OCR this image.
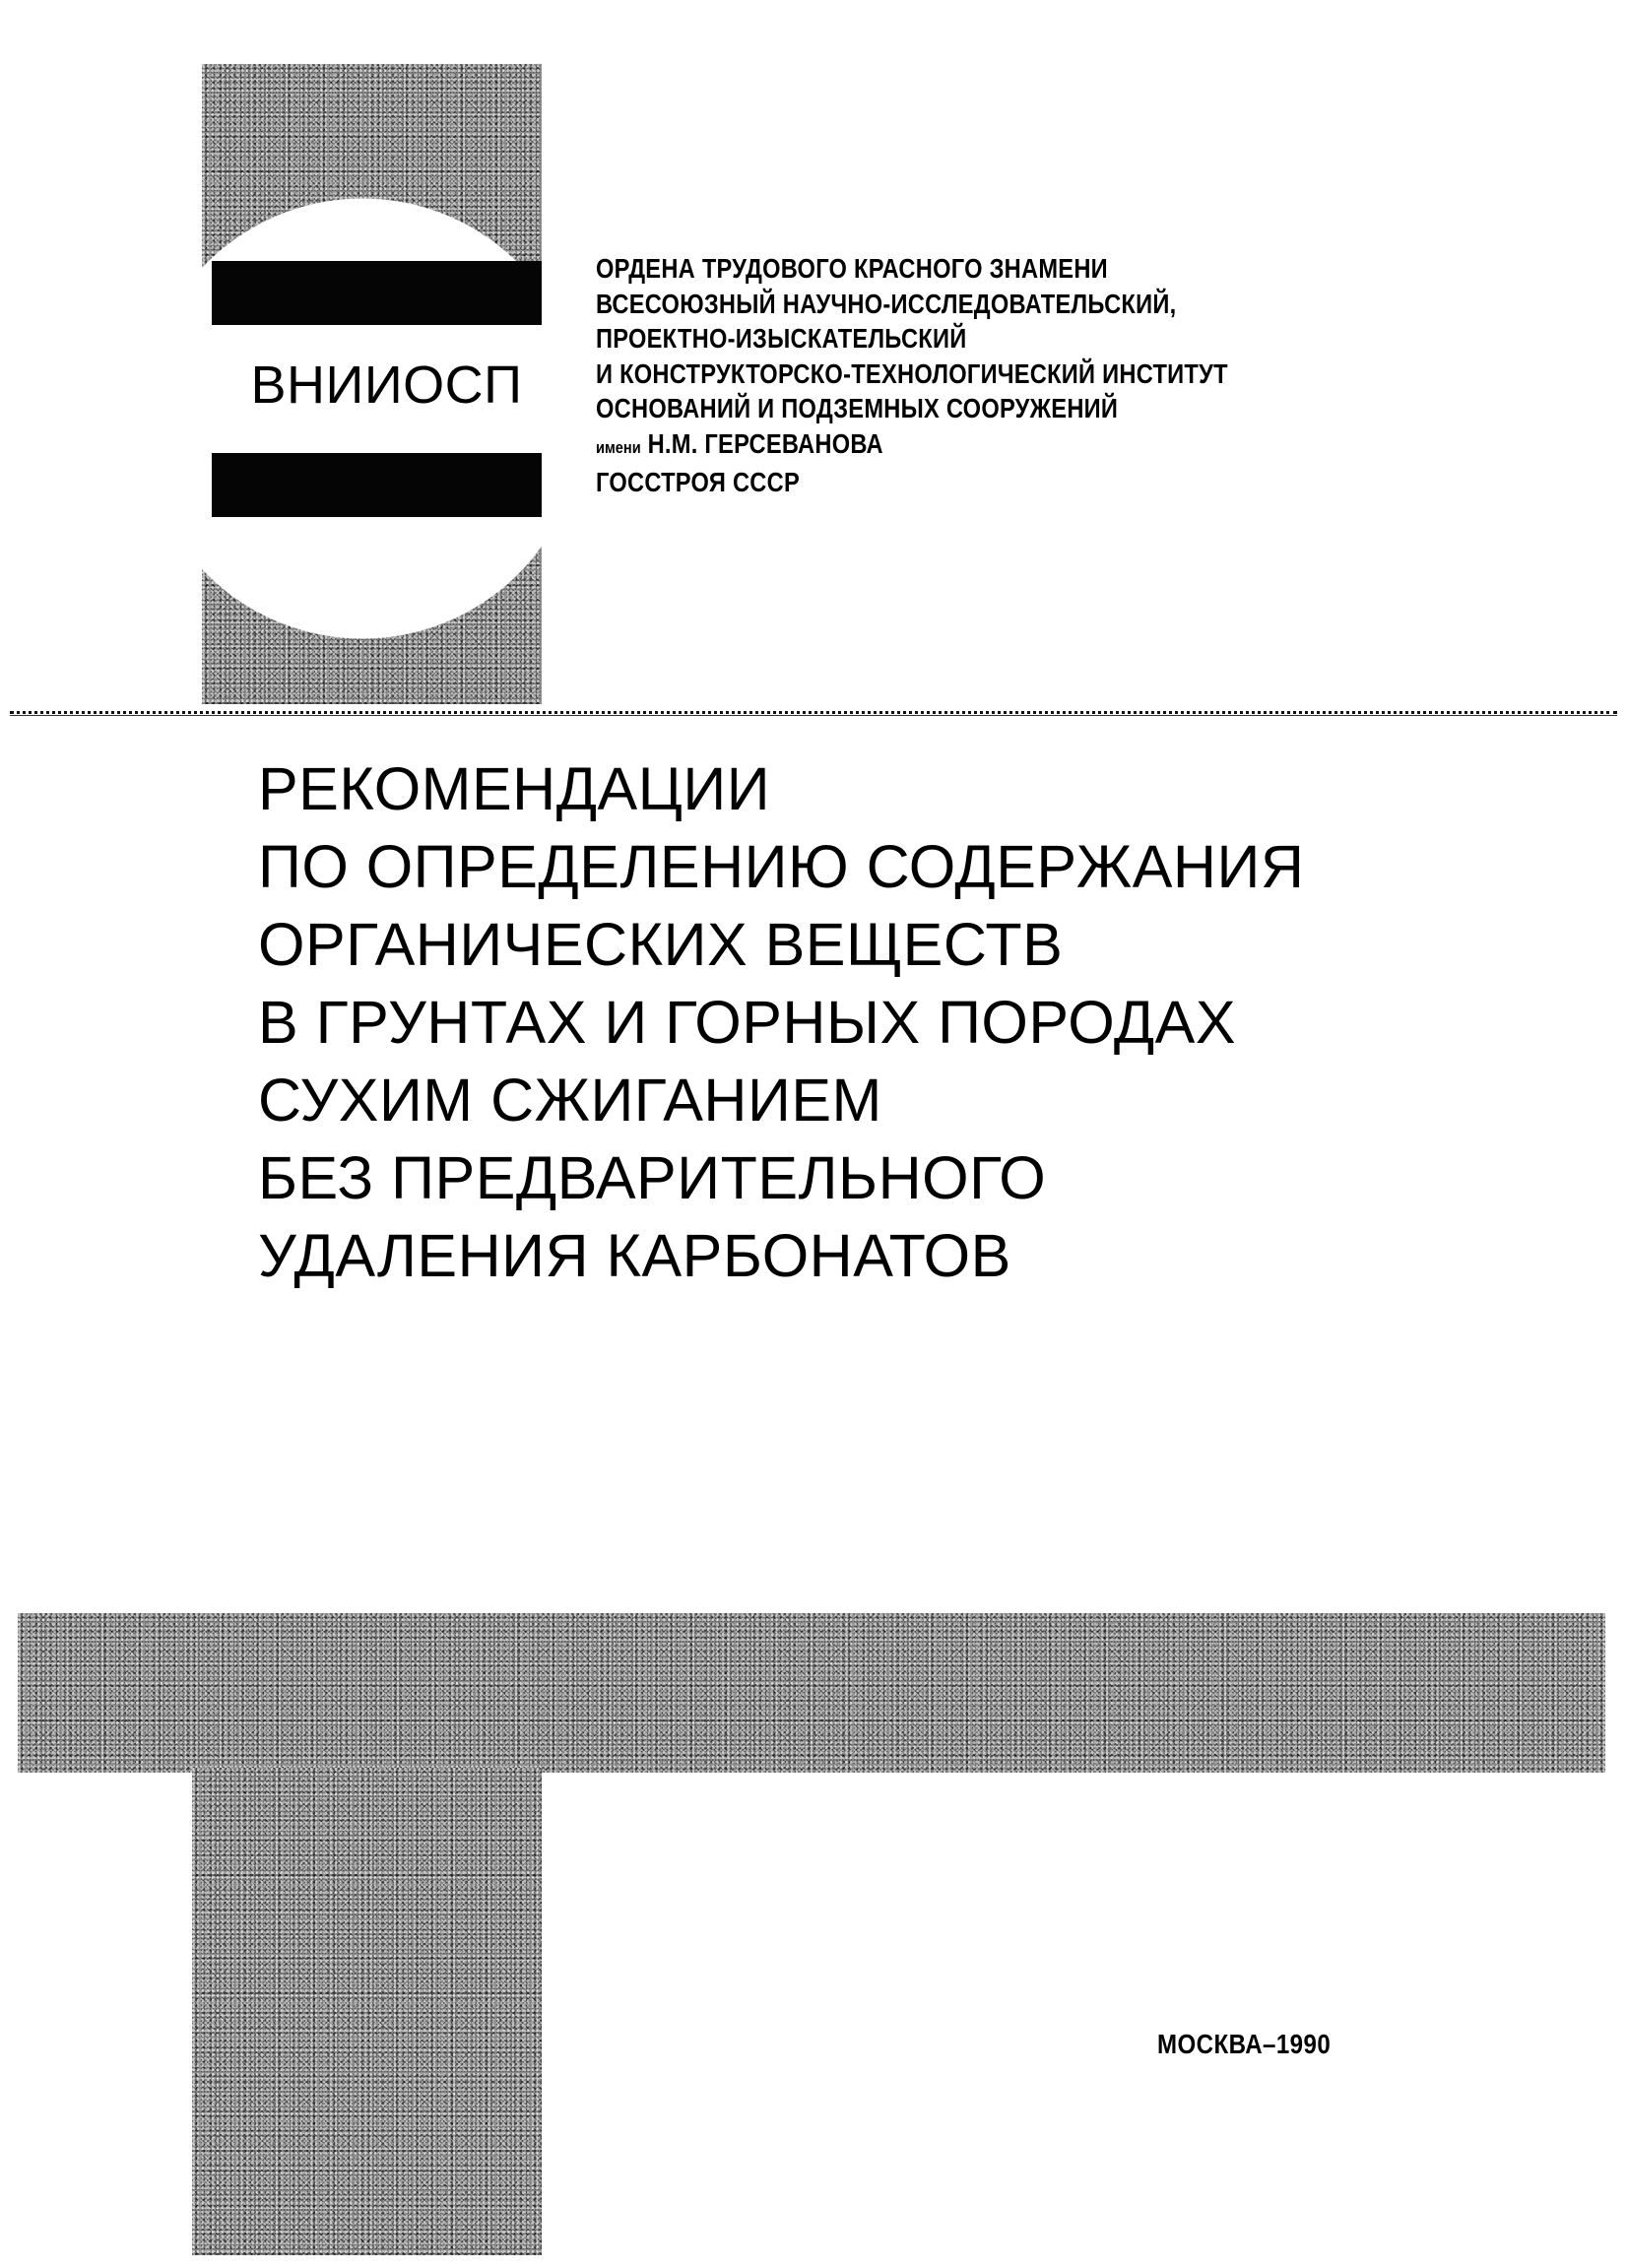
ВНИИОСП
ОРДЕНА ТРУДОВОГО КРАСНОГО ЗНАМЕНИ
ВСЕСОЮЗНЫЙ НАУЧНО-ИССЛЕДОВАТЕЛЬСКИЙ,
ПРОЕКТНО-ИЗЫСКАТЕЛЬСКИЙ
И КОНСТРУКТОРСКО-ТЕХНОЛОГИЧЕСКИЙ ИНСТИТУТ
ОСНОВАНИЙ И ПОДЗЕМНЫХ СООРУЖЕНИЙ
имени Н.М. ГЕРСЕВАНОВА
ГОССТРОЯ СССР
РЕКОМЕНДАЦИИ
ПО ОПРЕДЕЛЕНИЮ СОДЕРЖАНИЯ
ОРГАНИЧЕСКИХ ВЕЩЕСТВ
В ГРУНТАХ И ГОРНЫХ ПОРОДАХ
СУХИМ СЖИГАНИЕМ
БЕЗ ПРЕДВАРИТЕЛЬНОГО
УДАЛЕНИЯ КАРБОНАТОВ
МОСКВА–1990
